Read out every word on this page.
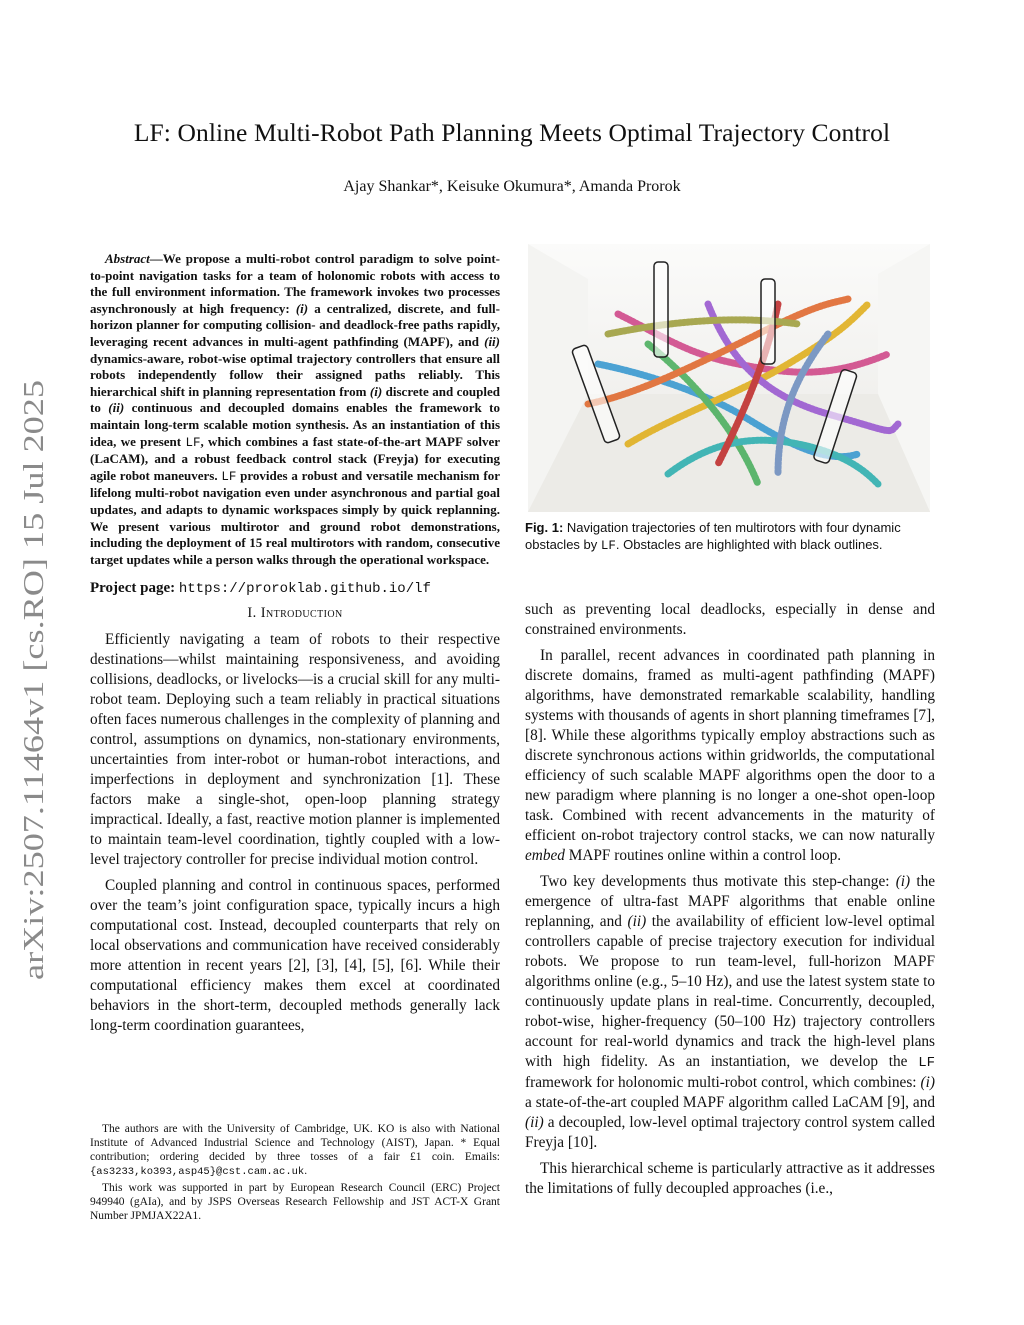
arXiv:2507.11464v1 [cs.RO] 15 Jul 2025
LF: Online Multi-Robot Path Planning Meets Optimal Trajectory Control
Ajay Shankar*, Keisuke Okumura*, Amanda Prorok

Abstract—We propose a multi-robot control paradigm to solve point-to-point navigation tasks for a team of holonomic robots with access to the full environment information. The framework invokes two processes asynchronously at high frequency: (i) a centralized, discrete, and full-horizon planner for computing collision- and deadlock-free paths rapidly, leveraging recent advances in multi-agent pathfinding (MAPF), and (ii) dynamics-aware, robot-wise optimal trajectory controllers that ensure all robots independently follow their assigned paths reliably. This hierarchical shift in planning representation from (i) discrete and coupled to (ii) continuous and decoupled domains enables the framework to maintain long-term scalable motion synthesis. As an instantiation of this idea, we present LF, which combines a fast state-of-the-art MAPF solver (LaCAM), and a robust feedback control stack (Freyja) for executing agile robot maneuvers. LF provides a robust and versatile mechanism for lifelong multi-robot navigation even under asynchronous and partial goal updates, and adapts to dynamic workspaces simply by quick replanning. We present various multirotor and ground robot demonstrations, including the deployment of 15 real multirotors with random, consecutive target updates while a person walks through the operational workspace.

Project page: https://proroklab.github.io/lf

I. Introduction

Efficiently navigating a team of robots to their respective destinations—whilst maintaining responsiveness, and avoiding collisions, deadlocks, or livelocks—is a crucial skill for any multi-robot team. Deploying such a team reliably in practical situations often faces numerous challenges in the complexity of planning and control, assumptions on dynamics, non-stationary environments, uncertainties from inter-robot or human-robot interactions, and imperfections in deployment and synchronization [1]. These factors make a single-shot, open-loop planning strategy impractical. Ideally, a fast, reactive motion planner is implemented to maintain team-level coordination, tightly coupled with a low-level trajectory controller for precise individual motion control.

Coupled planning and control in continuous spaces, performed over the team’s joint configuration space, typically incurs a high computational cost. Instead, decoupled counterparts that rely on local observations and communication have received considerably more attention in recent years [2], [3], [4], [5], [6]. While their computational efficiency makes them excel at coordinated behaviors in the short-term, decoupled methods generally lack long-term coordination guarantees,

The authors are with the University of Cambridge, UK. KO is also with National Institute of Advanced Industrial Science and Technology (AIST), Japan. * Equal contribution; ordering decided by three tosses of a fair £1 coin. Emails: {as3233,ko393,asp45}@cst.cam.ac.uk.

This work was supported in part by European Research Council (ERC) Project 949940 (gAIa), and by JSPS Overseas Research Fellowship and JST ACT-X Grant Number JPMJAX22A1.

Fig. 1: Navigation trajectories of ten multirotors with four dynamic obstacles by LF. Obstacles are highlighted with black outlines.

such as preventing local deadlocks, especially in dense and constrained environments.

In parallel, recent advances in coordinated path planning in discrete domains, framed as multi-agent pathfinding (MAPF) algorithms, have demonstrated remarkable scalability, handling systems with thousands of agents in short planning timeframes [7], [8]. While these algorithms typically employ abstractions such as discrete synchronous actions within gridworlds, the computational efficiency of such scalable MAPF algorithms open the door to a new paradigm where planning is no longer a one-shot open-loop task. Combined with recent advancements in the maturity of efficient on-robot trajectory control stacks, we can now naturally embed MAPF routines online within a control loop.

Two key developments thus motivate this step-change: (i) the emergence of ultra-fast MAPF algorithms that enable online replanning, and (ii) the availability of efficient low-level optimal controllers capable of precise trajectory execution for individual robots. We propose to run team-level, full-horizon MAPF algorithms online (e.g., 5–10 Hz), and use the latest system state to continuously update plans in real-time. Concurrently, decoupled, robot-wise, higher-frequency (50–100 Hz) trajectory controllers account for real-world dynamics and track the high-level plans with high fidelity. As an instantiation, we develop the LF framework for holonomic multi-robot control, which combines: (i) a state-of-the-art coupled MAPF algorithm called LaCAM [9], and (ii) a decoupled, low-level optimal trajectory control system called Freyja [10].

This hierarchical scheme is particularly attractive as it addresses the limitations of fully decoupled approaches (i.e.,
